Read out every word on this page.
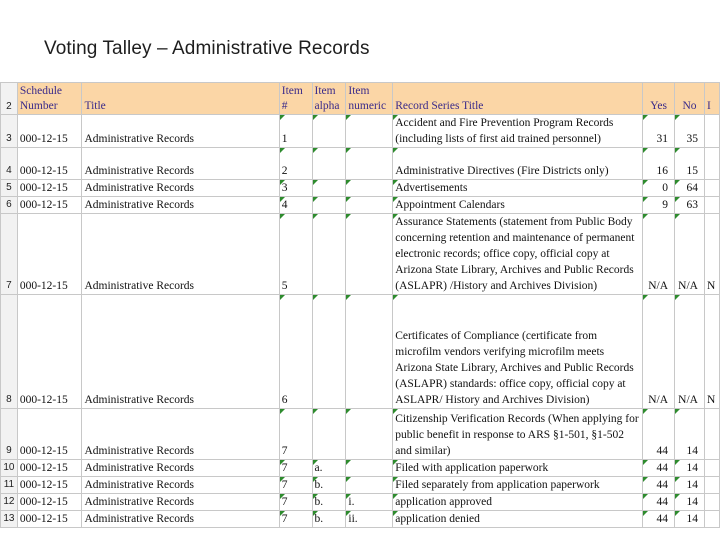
Voting Talley – Administrative Records
2	Schedule Number	Title	Item #	Item alpha	Item numeric	Record Series Title	Yes	No	I
3	000-12-15	Administrative Records	1			Accident and Fire Prevention Program Records (including lists of first aid trained personnel)	31	35	
4	000-12-15	Administrative Records	2			Administrative Directives (Fire Districts only)	16	15	
5	000-12-15	Administrative Records	3			Advertisements	0	64	
6	000-12-15	Administrative Records	4			Appointment Calendars	9	63	
7	000-12-15	Administrative Records	5			Assurance Statements (statement from Public Body concerning retention and maintenance of permanent electronic records; office copy, official copy at Arizona State Library, Archives and Public Records (ASLAPR) /History and Archives Division)	N/A	N/A	N
8	000-12-15	Administrative Records	6			Certificates of Compliance (certificate from microfilm vendors verifying microfilm meets Arizona State Library, Archives and Public Records (ASLAPR) standards: office copy, official copy at ASLAPR/ History and Archives Division)	N/A	N/A	N
9	000-12-15	Administrative Records	7			Citizenship Verification Records (When applying for public benefit in response to ARS §1-501, §1-502 and similar)	44	14	
10	000-12-15	Administrative Records	7	a.		Filed with application paperwork	44	14	
11	000-12-15	Administrative Records	7	b.		Filed separately from application paperwork	44	14	
12	000-12-15	Administrative Records	7	b.	i.	application approved	44	14	
13	000-12-15	Administrative Records	7	b.	ii.	application denied	44	14	
